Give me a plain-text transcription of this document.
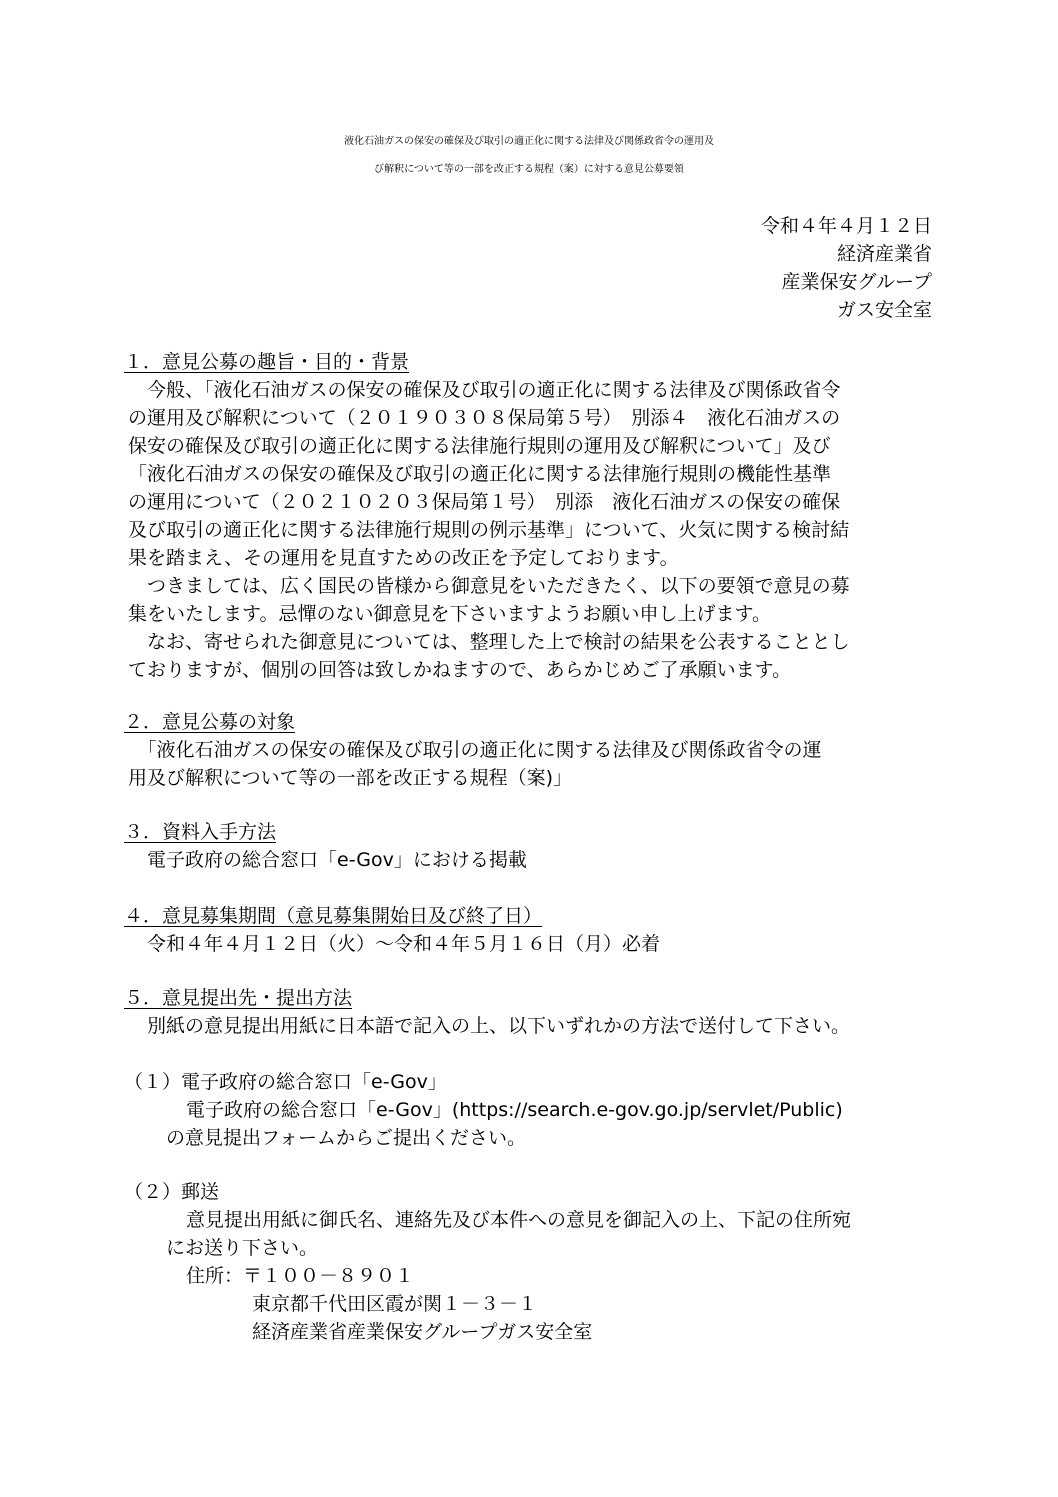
液化石油ガスの保安の確保及び取引の適正化に関する法律及び関係政省令の運用及
び解釈について等の一部を改正する規程（案）に対する意見公募要領
令和４年４月１２日
経済産業省
産業保安グループ
ガス安全室
１．意見公募の趣旨・目的・背景
　今般、「液化石油ガスの保安の確保及び取引の適正化に関する法律及び関係政省令
の運用及び解釈について（２０１９０３０８保局第５号）　別添４　液化石油ガスの
保安の確保及び取引の適正化に関する法律施行規則の運用及び解釈について」及び
「液化石油ガスの保安の確保及び取引の適正化に関する法律施行規則の機能性基準
の運用について（２０２１０２０３保局第１号）　別添　液化石油ガスの保安の確保
及び取引の適正化に関する法律施行規則の例示基準」について、火気に関する検討結
果を踏まえ、その運用を見直すための改正を予定しております。
　つきましては、広く国民の皆様から御意見をいただきたく、以下の要領で意見の募
集をいたします。忌憚のない御意見を下さいますようお願い申し上げます。
　なお、寄せられた御意見については、整理した上で検討の結果を公表することとし
ておりますが、個別の回答は致しかねますので、あらかじめご了承願います。
２．意見公募の対象
　「液化石油ガスの保安の確保及び取引の適正化に関する法律及び関係政省令の運
用及び解釈について等の一部を改正する規程（案)」
３．資料入手方法
　電子政府の総合窓口「e-Gov」における掲載
４．意見募集期間（意見募集開始日及び終了日）
　令和４年４月１２日（火）～令和４年５月１６日（月）必着
５．意見提出先・提出方法
　別紙の意見提出用紙に日本語で記入の上、以下いずれかの方法で送付して下さい。
（１）電子政府の総合窓口「e-Gov」
電子政府の総合窓口「e-Gov」(https://search.e-gov.go.jp/servlet/Public)
の意見提出フォームからご提出ください。
（２）郵送
意見提出用紙に御氏名、連絡先及び本件への意見を御記入の上、下記の住所宛
にお送り下さい。
住所：〒１００－８９０１
東京都千代田区霞が関１－３－１
経済産業省産業保安グループガス安全室
